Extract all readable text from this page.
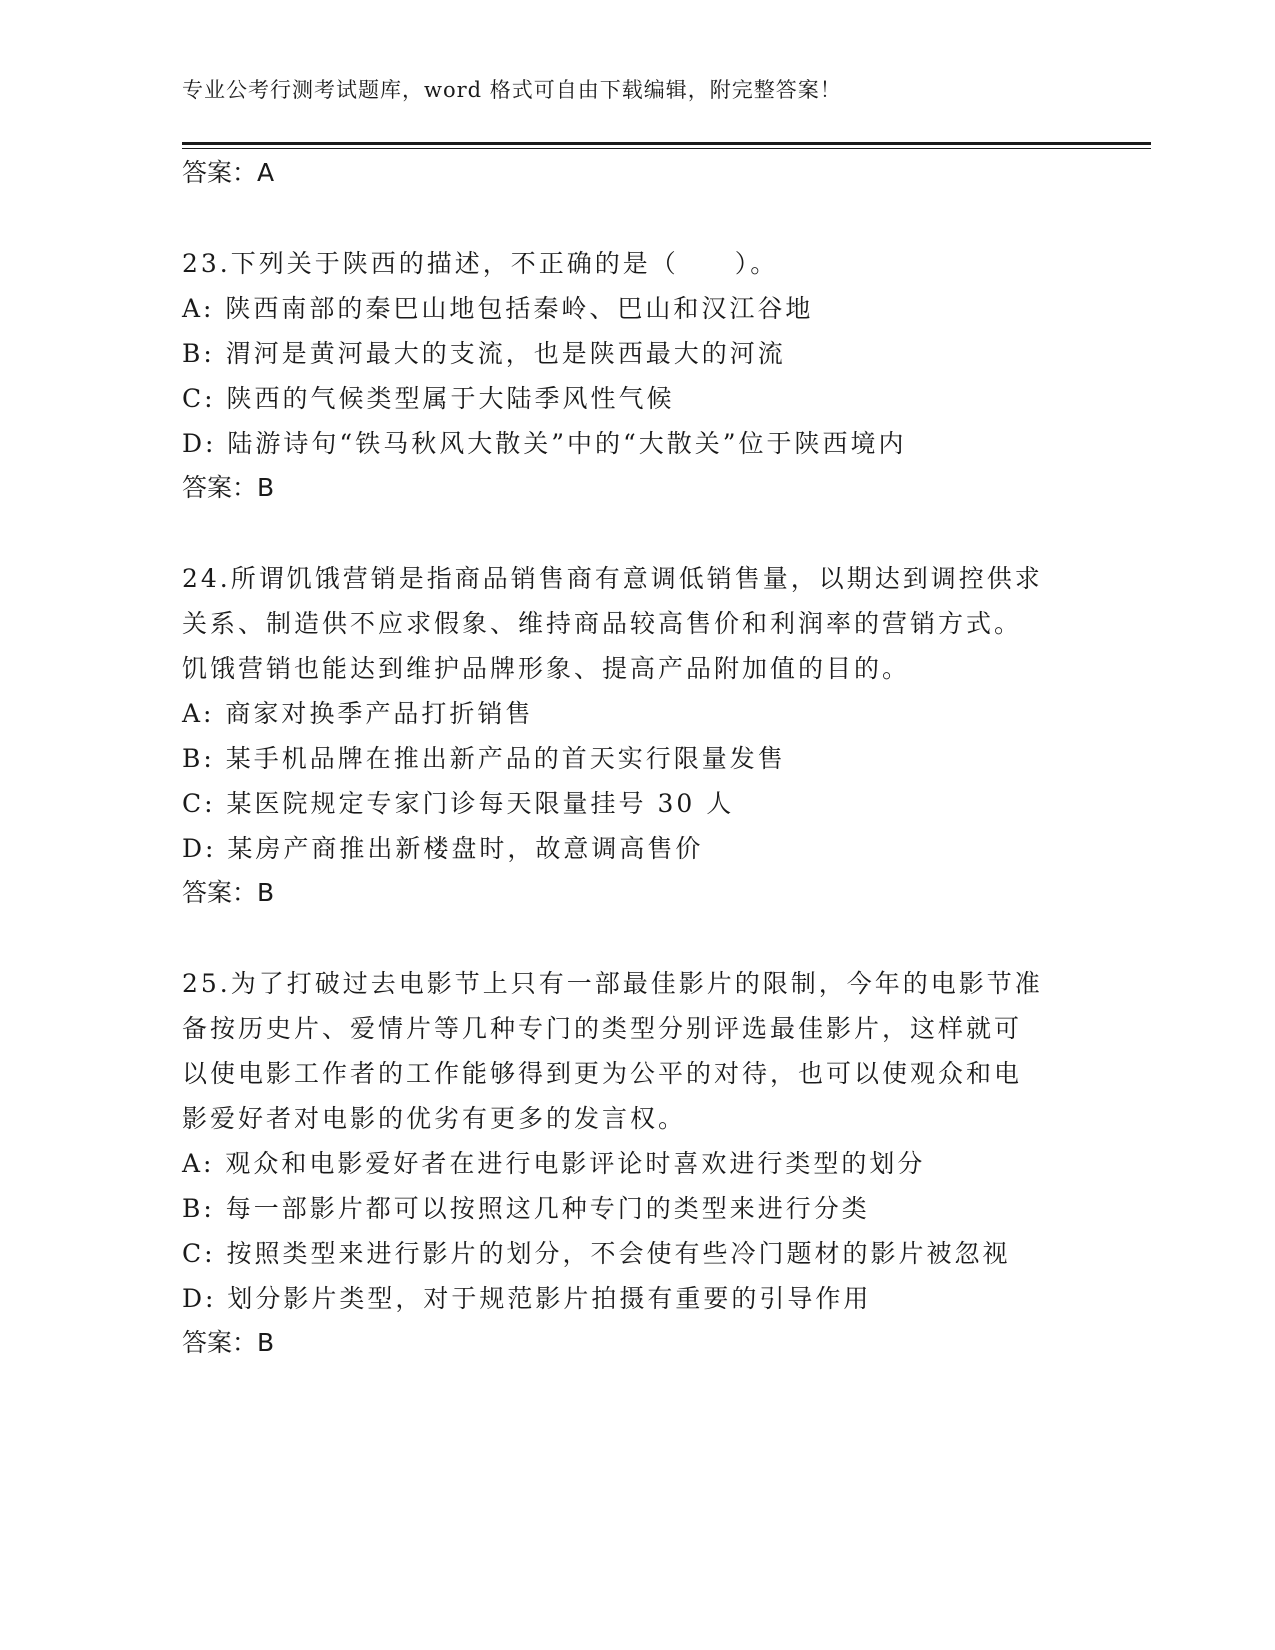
专业公考行测考试题库，word 格式可自由下载编辑，附完整答案！
答案：A
23.下列关于陕西的描述，不正确的是（　　）。
A: 陕西南部的秦巴山地包括秦岭、巴山和汉江谷地
B: 渭河是黄河最大的支流，也是陕西最大的河流
C: 陕西的气候类型属于大陆季风性气候
D: 陆游诗句“铁马秋风大散关”中的“大散关”位于陕西境内
答案：B
24.所谓饥饿营销是指商品销售商有意调低销售量，以期达到调控供求
关系、制造供不应求假象、维持商品较高售价和利润率的营销方式。
饥饿营销也能达到维护品牌形象、提高产品附加值的目的。
A: 商家对换季产品打折销售
B: 某手机品牌在推出新产品的首天实行限量发售
C: 某医院规定专家门诊每天限量挂号 30 人
D: 某房产商推出新楼盘时，故意调高售价
答案：B
25.为了打破过去电影节上只有一部最佳影片的限制，今年的电影节准
备按历史片、爱情片等几种专门的类型分别评选最佳影片，这样就可
以使电影工作者的工作能够得到更为公平的对待，也可以使观众和电
影爱好者对电影的优劣有更多的发言权。
A: 观众和电影爱好者在进行电影评论时喜欢进行类型的划分
B: 每一部影片都可以按照这几种专门的类型来进行分类
C: 按照类型来进行影片的划分，不会使有些冷门题材的影片被忽视
D: 划分影片类型，对于规范影片拍摄有重要的引导作用
答案：B
